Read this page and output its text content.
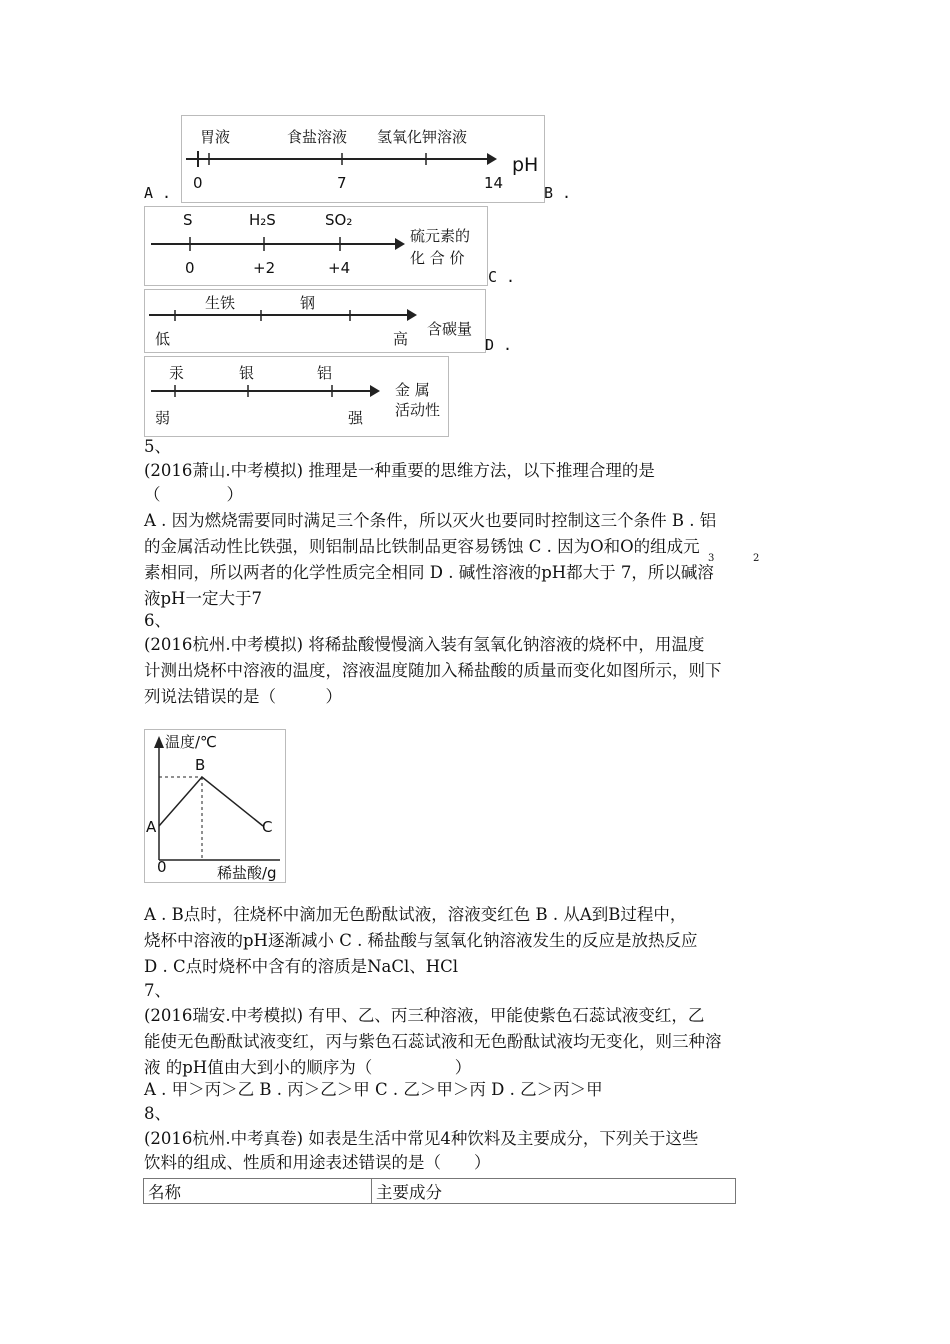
胃液	食盐溶液 氢氧化钾溶液
0	7	14
pH
A .	B .
S	H₂S	SO₂
0	+2	+4
硫元素的
化 合 价
C .
生铁	钢
低	高
含碳量
D .
汞	银	铝
弱	强
金 属
活动性
5、
(2016萧山.中考模拟) 推理是一种重要的思维方法，以下推理合理的是
（　　　　）
A . 因为燃烧需要同时满足三个条件，所以灭火也要同时控制这三个条件 B . 铝
的金属活动性比铁强，则铝制品比铁制品更容易锈蚀 C . 因为O和O的组成元
素相同，所以两者的化学性质完全相同 D . 碱性溶液的pH都大于 7，所以碱溶
3	2
液pH一定大于7
6、
(2016杭州.中考模拟) 将稀盐酸慢慢滴入装有氢氧化钠溶液的烧杯中，用温度
计测出烧杯中溶液的温度，溶液温度随加入稀盐酸的质量而变化如图所示，则下
列说法错误的是（　　　）
温度/℃
B
A	C
0	稀盐酸/g
A . B点时，往烧杯中滴加无色酚酞试液，溶液变红色 B . 从A到B过程中，
烧杯中溶液的pH逐渐减小 C . 稀盐酸与氢氧化钠溶液发生的反应是放热反应
D . C点时烧杯中含有的溶质是NaCl、HCl
7、
(2016瑞安.中考模拟) 有甲、乙、丙三种溶液，甲能使紫色石蕊试液变红，乙
能使无色酚酞试液变红，丙与紫色石蕊试液和无色酚酞试液均无变化，则三种溶
液 的pH值由大到小的顺序为（　　　　　）
A . 甲＞丙＞乙 B . 丙＞乙＞甲 C . 乙＞甲＞丙 D . 乙＞丙＞甲
8、
(2016杭州.中考真卷) 如表是生活中常见4种饮料及主要成分，下列关于这些
饮料的组成、性质和用途表述错误的是（　　）
名称	主要成分
